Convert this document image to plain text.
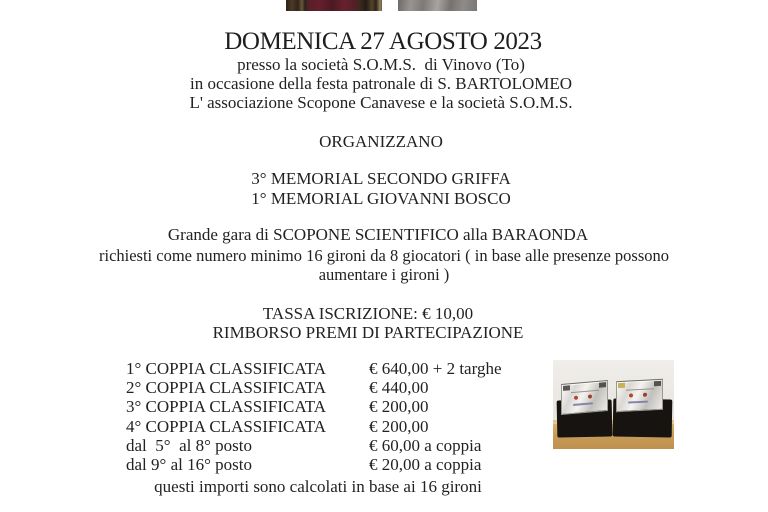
DOMENICA 27 AGOSTO 2023
presso la società S.O.M.S.  di Vinovo (To)
in occasione della festa patronale di S. BARTOLOMEO
L' associazione Scopone Canavese e la società S.O.M.S.
ORGANIZZANO
3° MEMORIAL SECONDO GRIFFA
1° MEMORIAL GIOVANNI BOSCO
Grande gara di SCOPONE SCIENTIFICO alla BARAONDA
richiesti come numero minimo 16 gironi da 8 giocatori ( in base alle presenze possono
aumentare i gironi )
TASSA ISCRIZIONE: € 10,00
RIMBORSO PREMI DI PARTECIPAZIONE
1° COPPIA CLASSIFICATA	€ 640,00 + 2 targhe
2° COPPIA CLASSIFICATA	€ 440,00
3° COPPIA CLASSIFICATA	€ 200,00
4° COPPIA CLASSIFICATA	€ 200,00
dal  5°  al 8° posto	€ 60,00 a coppia
dal 9° al 16° posto	€ 20,00 a coppia
questi importi sono calcolati in base ai 16 gironi
